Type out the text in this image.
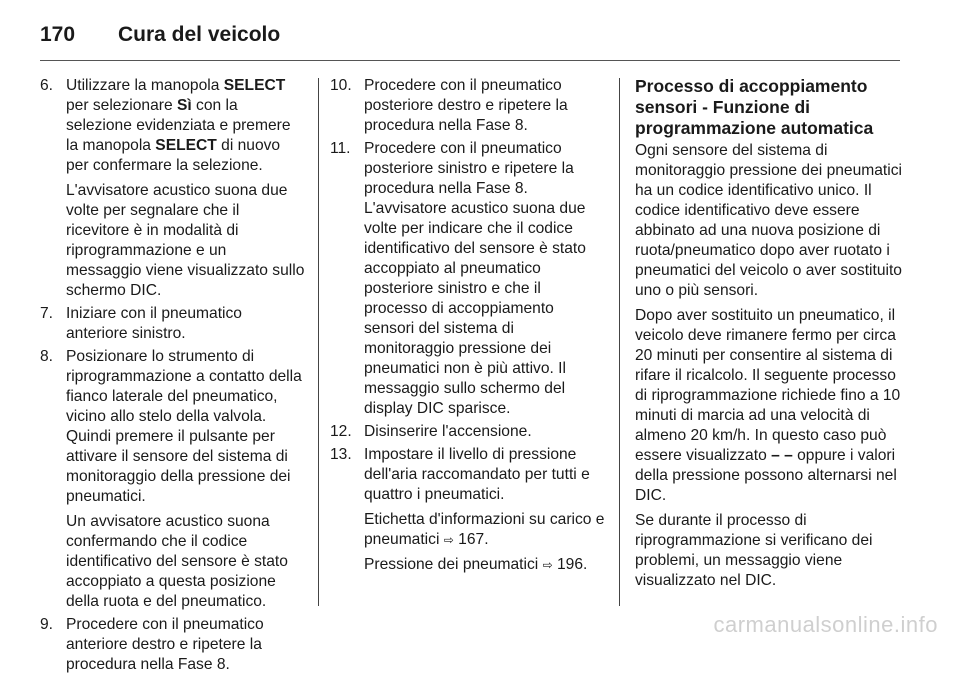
170	Cura del veicolo
6. Utilizzare la manopola SELECT per selezionare Sì con la selezione evidenziata e premere la manopola SELECT di nuovo per confermare la selezione.

L'avvisatore acustico suona due volte per segnalare che il ricevitore è in modalità di riprogrammazione e un messaggio viene visualizzato sullo schermo DIC.

7. Iniziare con il pneumatico anteriore sinistro.

8. Posizionare lo strumento di riprogrammazione a contatto della fianco laterale del pneumatico, vicino allo stelo della valvola. Quindi premere il pulsante per attivare il sensore del sistema di monitoraggio della pressione dei pneumatici.

Un avvisatore acustico suona confermando che il codice identificativo del sensore è stato accoppiato a questa posizione della ruota e del pneumatico.

9. Procedere con il pneumatico anteriore destro e ripetere la procedura nella Fase 8.

10. Procedere con il pneumatico posteriore destro e ripetere la procedura nella Fase 8.

11. Procedere con il pneumatico posteriore sinistro e ripetere la procedura nella Fase 8. L'avvisatore acustico suona due volte per indicare che il codice identificativo del sensore è stato accoppiato al pneumatico posteriore sinistro e che il processo di accoppiamento sensori del sistema di monitoraggio pressione dei pneumatici non è più attivo. Il messaggio sullo schermo del display DIC sparisce.

12. Disinserire l'accensione.

13. Impostare il livello di pressione dell'aria raccomandato per tutti e quattro i pneumatici.

Etichetta d'informazioni su carico e pneumatici ⇨ 167.

Pressione dei pneumatici ⇨ 196.

Processo di accoppiamento sensori - Funzione di programmazione automatica

Ogni sensore del sistema di monitoraggio pressione dei pneumatici ha un codice identificativo unico. Il codice identificativo deve essere abbinato ad una nuova posizione di ruota/pneumatico dopo aver ruotato i pneumatici del veicolo o aver sostituito uno o più sensori.

Dopo aver sostituito un pneumatico, il veicolo deve rimanere fermo per circa 20 minuti per consentire al sistema di rifare il ricalcolo. Il seguente processo di riprogrammazione richiede fino a 10 minuti di marcia ad una velocità di almeno 20 km/h. In questo caso può essere visualizzato – – oppure i valori della pressione possono alternarsi nel DIC.

Se durante il processo di riprogrammazione si verificano dei problemi, un messaggio viene visualizzato nel DIC.

carmanualsonline.info
